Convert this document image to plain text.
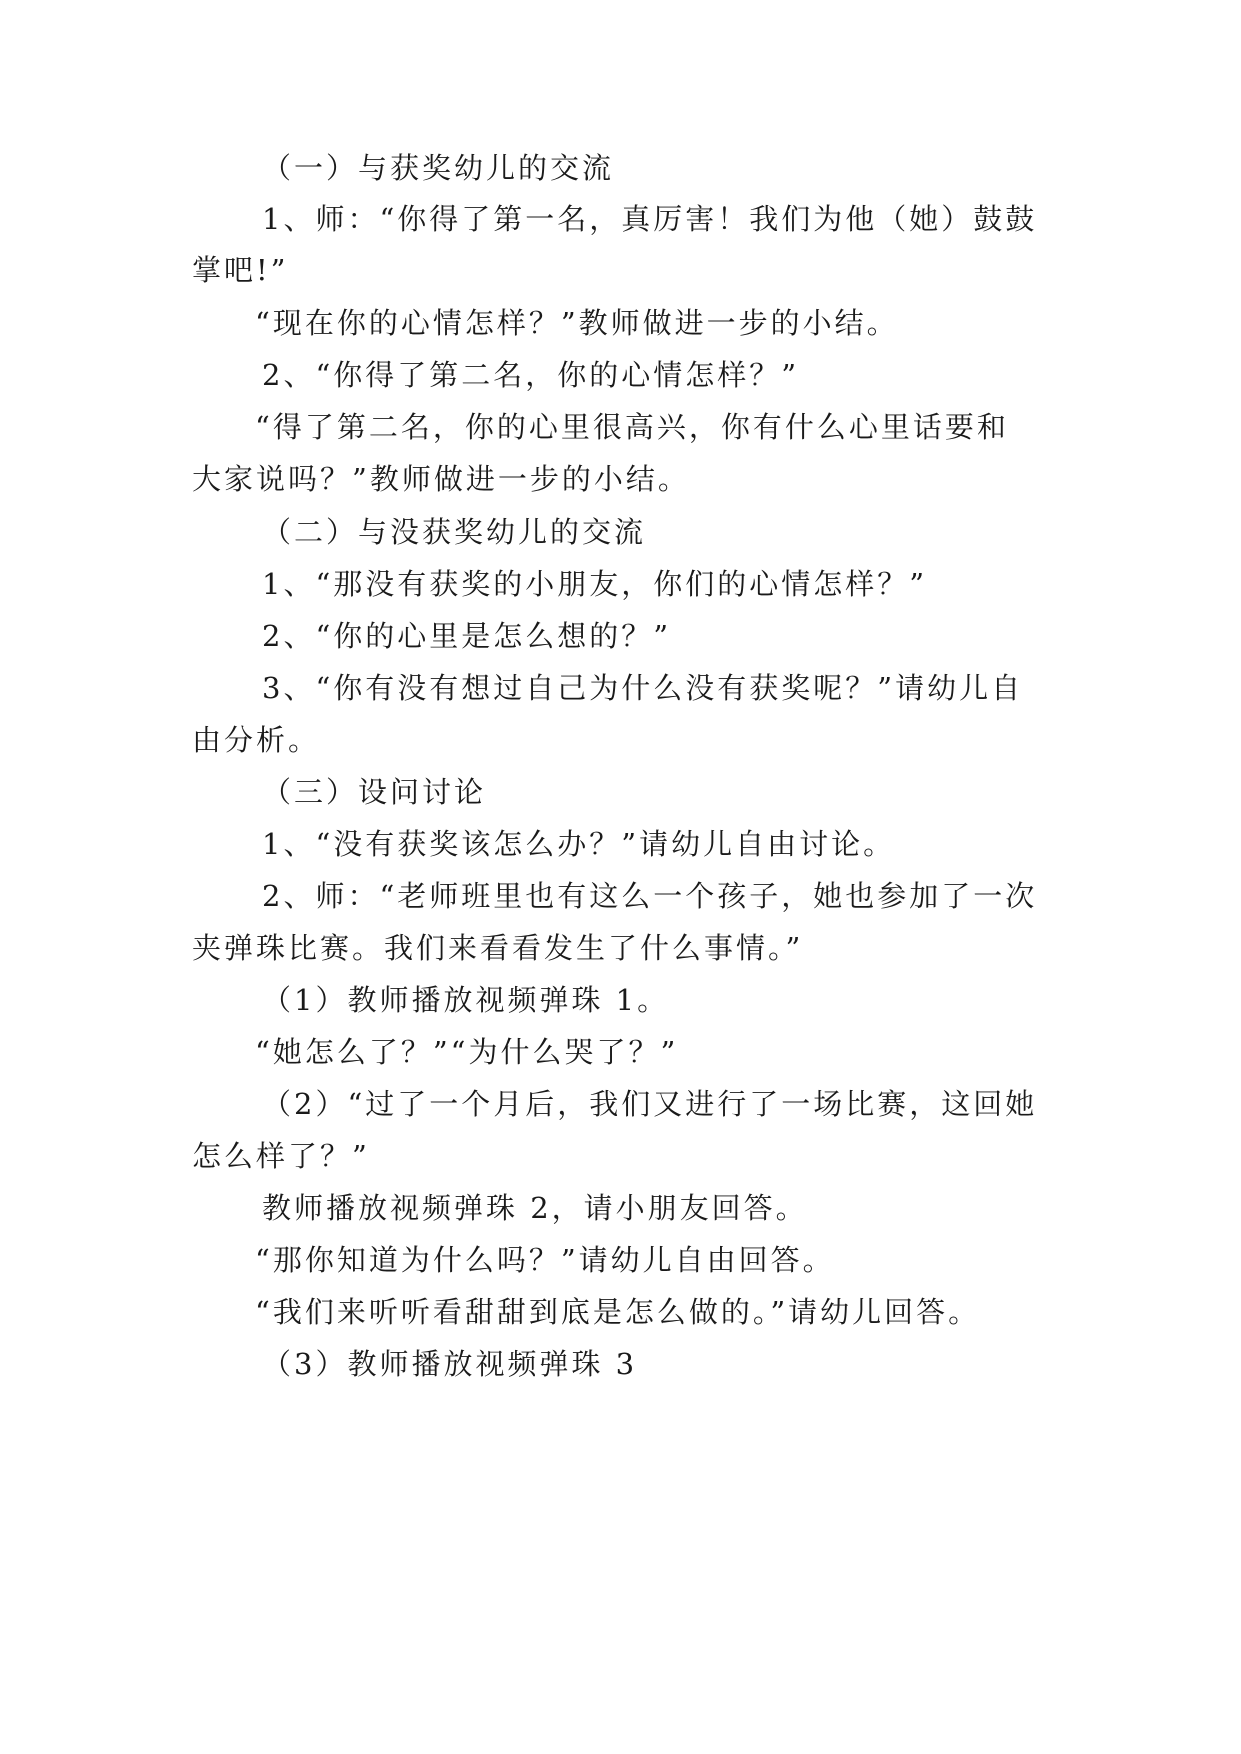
（一）与获奖幼儿的交流
1、师：“你得了第一名，真厉害！我们为他（她）鼓鼓
掌吧!”
“现在你的心情怎样？”教师做进一步的小结。
2、“你得了第二名，你的心情怎样？”
“得了第二名，你的心里很高兴，你有什么心里话要和
大家说吗？”教师做进一步的小结。
（二）与没获奖幼儿的交流
1、“那没有获奖的小朋友，你们的心情怎样？”
2、“你的心里是怎么想的？”
3、“你有没有想过自己为什么没有获奖呢？”请幼儿自
由分析。
（三）设问讨论
1、“没有获奖该怎么办？”请幼儿自由讨论。
2、师：“老师班里也有这么一个孩子，她也参加了一次
夹弹珠比赛。我们来看看发生了什么事情。”
（1）教师播放视频弹珠 1。
“她怎么了？”“为什么哭了？”
（2）“过了一个月后，我们又进行了一场比赛，这回她
怎么样了？”
教师播放视频弹珠 2，请小朋友回答。
“那你知道为什么吗？”请幼儿自由回答。
“我们来听听看甜甜到底是怎么做的。”请幼儿回答。
（3）教师播放视频弹珠 3
